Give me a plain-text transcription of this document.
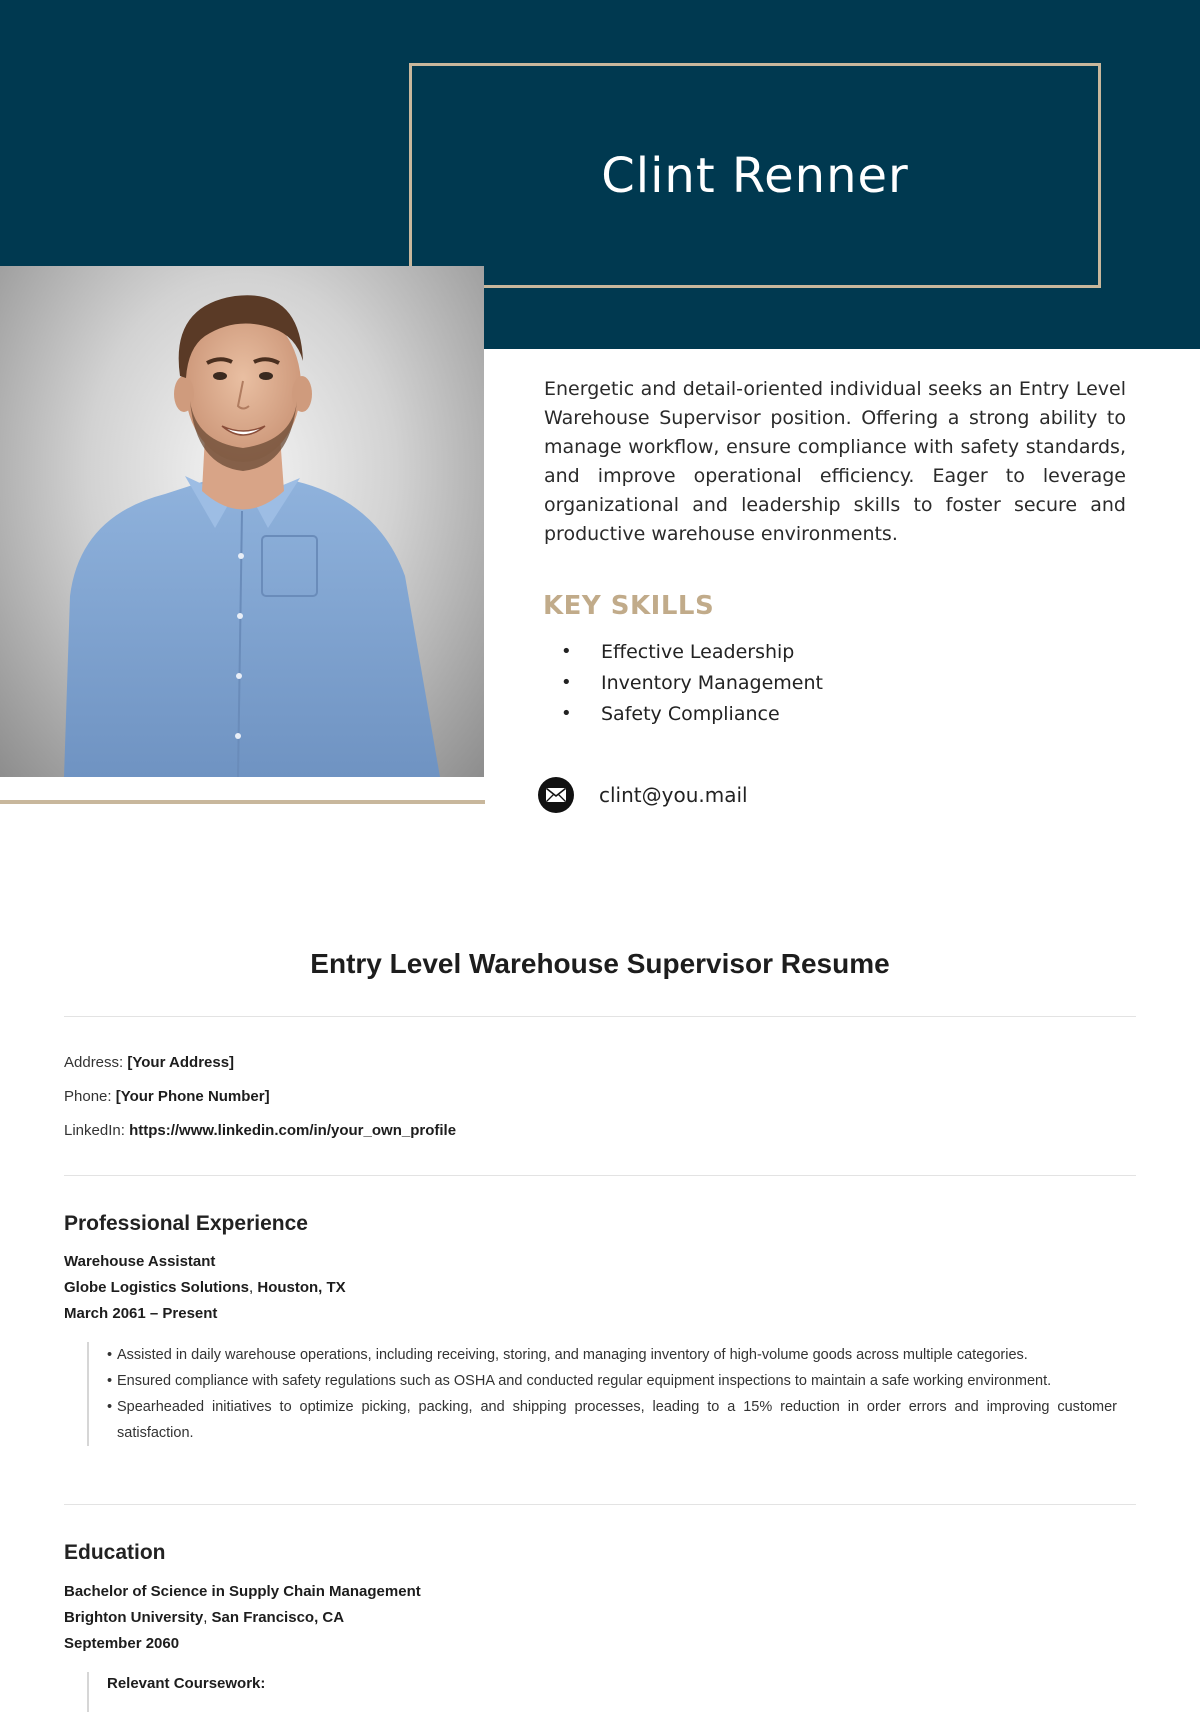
Clint Renner

Energetic and detail-oriented individual seeks an Entry Level Warehouse Supervisor position. Offering a strong ability to manage workflow, ensure compliance with safety standards, and improve operational efficiency. Eager to leverage organizational and leadership skills to foster secure and productive warehouse environments.

KEY SKILLS
• Effective Leadership
• Inventory Management
• Safety Compliance
clint@you.mail
Entry Level Warehouse Supervisor Resume
Address: [Your Address]
Phone: [Your Phone Number]
LinkedIn: https://www.linkedin.com/in/your_own_profile
Professional Experience
Warehouse Assistant
Globe Logistics Solutions, Houston, TX
March 2061 – Present
• Assisted in daily warehouse operations, including receiving, storing, and managing inventory of high-volume goods across multiple categories.
• Ensured compliance with safety regulations such as OSHA and conducted regular equipment inspections to maintain a safe working environment.
• Spearheaded initiatives to optimize picking, packing, and shipping processes, leading to a 15% reduction in order errors and improving customer satisfaction.
Education
Bachelor of Science in Supply Chain Management
Brighton University, San Francisco, CA
September 2060
Relevant Coursework:
